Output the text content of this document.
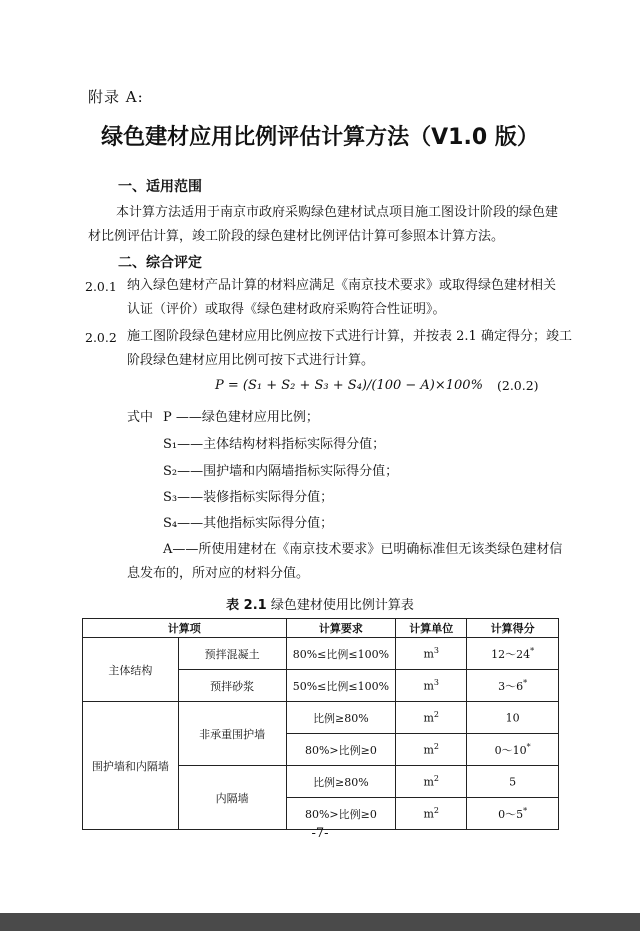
附录 A:
绿色建材应用比例评估计算方法（V1.0 版）
一、适用范围
本计算方法适用于南京市政府采购绿色建材试点项目施工图设计阶段的绿色建
材比例评估计算，竣工阶段的绿色建材比例评估计算可参照本计算方法。
二、综合评定
2.0.1 纳入绿色建材产品计算的材料应满足《南京技术要求》或取得绿色建材相关
认证（评价）或取得《绿色建材政府采购符合性证明》。
2.0.2 施工图阶段绿色建材应用比例应按下式进行计算，并按表 2.1 确定得分；竣工
阶段绿色建材应用比例可按下式进行计算。
P = (S₁ + S₂ + S₃ + S₄)/(100 − A)×100% (2.0.2)
式中 P ——绿色建材应用比例；
S₁——主体结构材料指标实际得分值；
S₂——围护墙和内隔墙指标实际得分值；
S₃——装修指标实际得分值；
S₄——其他指标实际得分值；
A——所使用建材在《南京技术要求》已明确标准但无该类绿色建材信
息发布的，所对应的材料分值。
表 2.1 绿色建材使用比例计算表
计算项		计算要求	计算单位	计算得分
主体结构	预拌混凝土	80%≤比例≤100%	$m^3$	12～24*
	预拌砂浆	50%≤比例≤100%	$m^3$	3～6*
围护墙和内隔墙	非承重围护墙	比例≥80%	$m^2$	10
		80%>比例≥0	$m^2$	0～10*
	内隔墙	比例≥80%	$m^2$	5
		80%>比例≥0	$m^2$	0～5*
-7-
